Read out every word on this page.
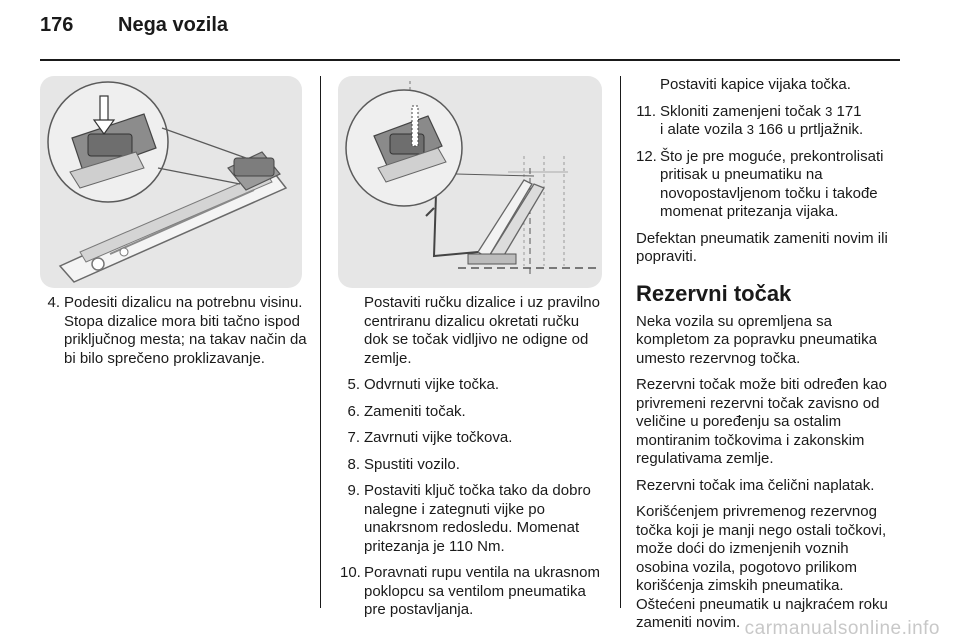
176 Nega vozila
4. Podesiti dizalicu na potrebnu visinu. Stopa dizalice mora biti tačno ispod priključnog mesta; na takav način da bi bilo sprečeno proklizavanje.

Postaviti ručku dizalice i uz pravilno centriranu dizalicu okretati ručku dok se točak vidljivo ne odigne od zemlje.

5. Odvrnuti vijke točka.
6. Zameniti točak.
7. Zavrnuti vijke točkova.
8. Spustiti vozilo.
9. Postaviti ključ točka tako da dobro nalegne i zategnuti vijke po unakrsnom redosledu. Momenat pritezanja je 110 Nm.
10. Poravnati rupu ventila na ukrasnom poklopcu sa ventilom pneumatika pre postavljanja.

Postaviti kapice vijaka točka.

11. Skloniti zamenjeni točak 3 171
i alate vozila 3 166 u prtljažnik.
12. Što je pre moguće, prekontrolisati pritisak u pneumatiku na novopostavljenom točku i takođe momenat pritezanja vijaka.

Defektan pneumatik zameniti novim ili popraviti.

Rezervni točak

Neka vozila su opremljena sa kompletom za popravku pneumatika umesto rezervnog točka.

Rezervni točak može biti određen kao privremeni rezervni točak zavisno od veličine u poređenju sa ostalim montiranim točkovima i zakonskim regulativama zemlje.

Rezervni točak ima čelični naplatak.

Korišćenjem privremenog rezervnog točka koji je manji nego ostali točkovi, može doći do izmenjenih voznih osobina vozila, pogotovo prilikom korišćenja zimskih pneumatika. Oštećeni pneumatik u najkraćem roku zameniti novim. carmanualsonline.info
